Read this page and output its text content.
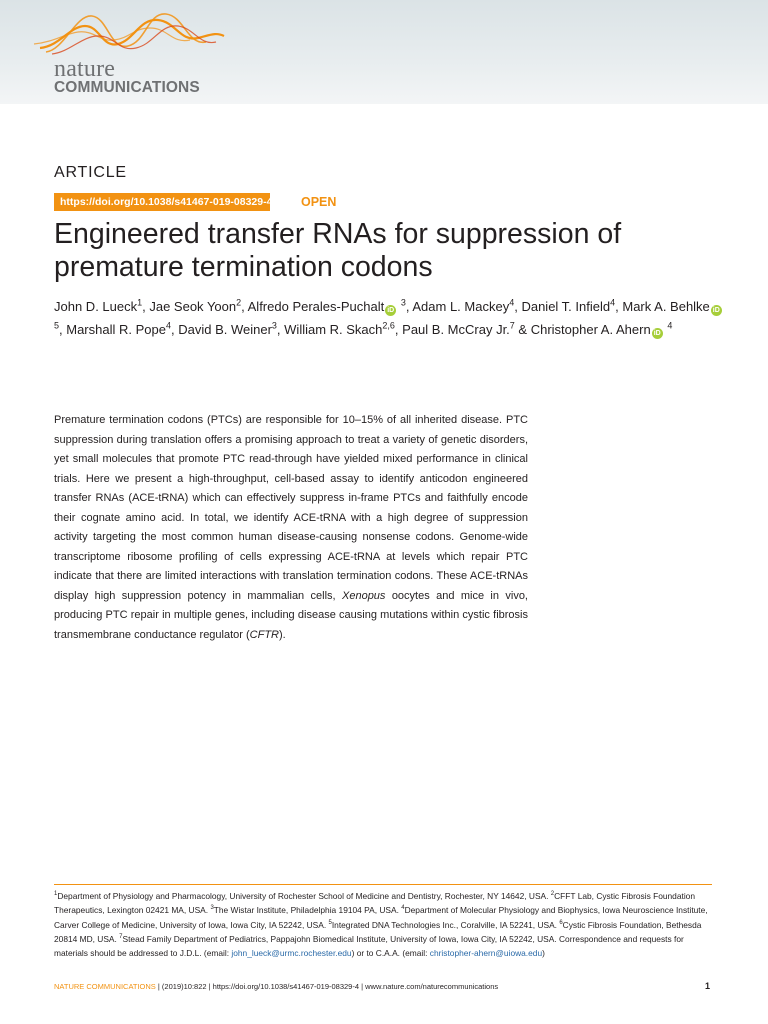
nature
COMMUNICATIONS
ARTICLE
https://doi.org/10.1038/s41467-019-08329-4 OPEN
Engineered transfer RNAs for suppression of premature termination codons
John D. Lueck$^1$, Jae Seok Yoon$^2$, Alfredo Perales-Puchalt iD $^3$, Adam L. Mackey$^4$, Daniel T. Infield$^4$, Mark A. Behlke iD $^5$, Marshall R. Pope$^4$, David B. Weiner$^3$, William R. Skach$^{2,6}$, Paul B. McCray Jr.$^7$ & Christopher A. Ahern iD $^4$

Premature termination codons (PTCs) are responsible for 10–15% of all inherited disease. PTC suppression during translation offers a promising approach to treat a variety of genetic disorders, yet small molecules that promote PTC read-through have yielded mixed performance in clinical trials. Here we present a high-throughput, cell-based assay to identify anticodon engineered transfer RNAs (ACE-tRNA) which can effectively suppress in-frame PTCs and faithfully encode their cognate amino acid. In total, we identify ACE-tRNA with a high degree of suppression activity targeting the most common human disease-causing nonsense codons. Genome-wide transcriptome ribosome profiling of cells expressing ACE-tRNA at levels which repair PTC indicate that there are limited interactions with translation termination codons. These ACE-tRNAs display high suppression potency in mammalian cells, Xenopus oocytes and mice in vivo, producing PTC repair in multiple genes, including disease causing mutations within cystic fibrosis transmembrane conductance regulator (CFTR).

$^1$Department of Physiology and Pharmacology, University of Rochester School of Medicine and Dentistry, Rochester, NY 14642, USA. $^2$CFFT Lab, Cystic Fibrosis Foundation Therapeutics, Lexington 02421 MA, USA. $^3$The Wistar Institute, Philadelphia 19104 PA, USA. $^4$Department of Molecular Physiology and Biophysics, Iowa Neuroscience Institute, Carver College of Medicine, University of Iowa, Iowa City, IA 52242, USA. $^5$Integrated DNA Technologies Inc., Coralville, IA 52241, USA. $^6$Cystic Fibrosis Foundation, Bethesda 20814 MD, USA. $^7$Stead Family Department of Pediatrics, Pappajohn Biomedical Institute, University of Iowa, Iowa City, IA 52242, USA. Correspondence and requests for materials should be addressed to J.D.L. (email: john_lueck@urmc.rochester.edu) or to C.A.A. (email: christopher-ahern@uiowa.edu)

NATURE COMMUNICATIONS | (2019)10:822 | https://doi.org/10.1038/s41467-019-08329-4 | www.nature.com/naturecommunications	1
